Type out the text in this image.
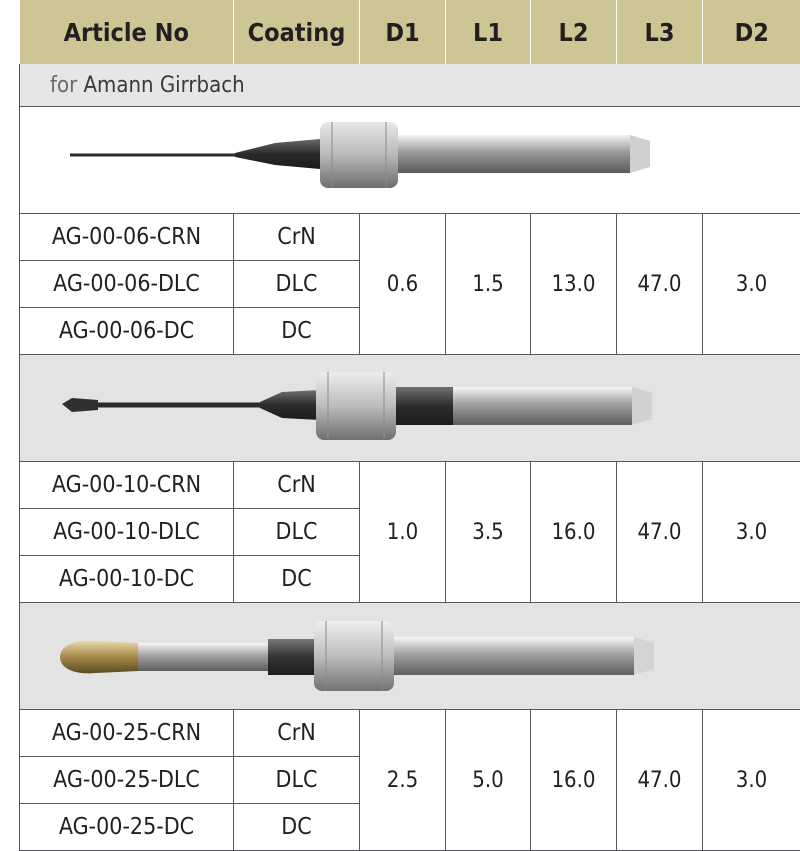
Article No	Coating	D1	L1	L2	L3	D2
for Amann Girrbach						

AG-00-06-CRN	CrN	0.6	1.5	13.0	47.0	3.0
AG-00-06-DLC	DLC					
AG-00-06-DC	DC					

AG-00-10-CRN	CrN	1.0	3.5	16.0	47.0	3.0
AG-00-10-DLC	DLC					
AG-00-10-DC	DC					

AG-00-25-CRN	CrN	2.5	5.0	16.0	47.0	3.0
AG-00-25-DLC	DLC					
AG-00-25-DC	DC					
